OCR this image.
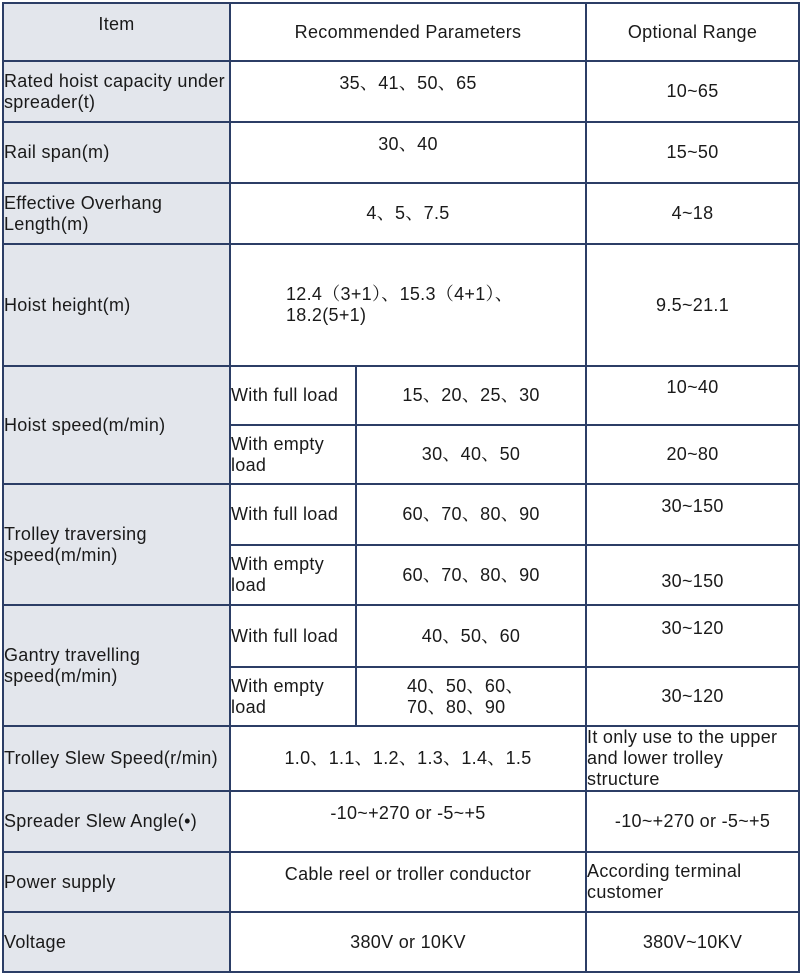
Item	Recommended Parameters		Optional Range
Rated hoist capacity under spreader(t)	35、41、50、65		10~65
Rail span(m)	30、40		15~50
Effective Overhang Length(m)	4、5、7.5		4~18
Hoist height(m)	12.4（3+1）、15.3（4+1）、18.2(5+1)		9.5~21.1
Hoist speed(m/min)	With full load	15、20、25、30	10~40
	With empty load	30、40、50	20~80
Trolley traversing speed(m/min)	With full load	60、70、80、90	30~150
	With empty load	60、70、80、90	30~150
Gantry travelling speed(m/min)	With full load	40、50、60	30~120
	With empty load	40、50、60、70、80、90	30~120
Trolley Slew Speed(r/min)	1.0、1.1、1.2、1.3、1.4、1.5		It only use to the upper and lower trolley structure
Spreader Slew Angle(•)	-10~+270 or -5~+5		-10~+270 or -5~+5
Power supply	Cable reel or troller conductor		According terminal customer
Voltage	380V or 10KV		380V~10KV
